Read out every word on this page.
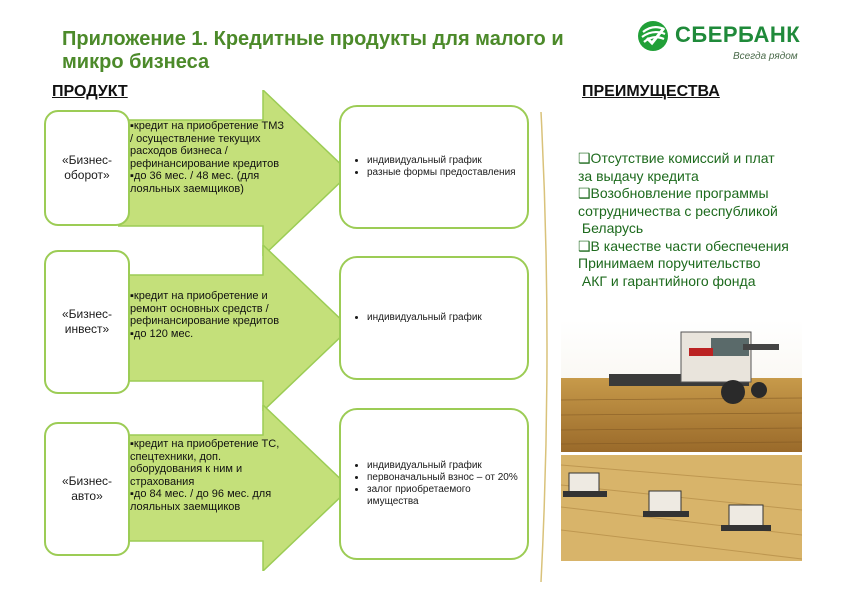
Приложение 1. Кредитные продукты для малого и
микро бизнеса
СБЕРБАНК
Всегда рядом
ПРОДУКТ	ПРЕИМУЩЕСТВА
«Бизнес-
оборот»
▪кредит на приобретение ТМЗ / осуществление текущих расходов бизнеса / рефинансирование кредитов
▪до 36 мес. / 48 мес. (для лояльных заемщиков)
• индивидуальный график
• разные формы предоставления
«Бизнес-
инвест»
▪кредит на приобретение и ремонт основных средств / рефинансирование кредитов
▪до 120 мес.
• индивидуальный график
«Бизнес-
авто»
▪кредит на приобретение ТС, спецтехники, доп. оборудования к ним и страхования
▪до 84 мес. / до 96 мес. для лояльных заемщиков
• индивидуальный график
• первоначальный взнос – от 20%
• залог приобретаемого имущества
❑Отсутствие комиссий и плат
за выдачу кредита
❑Возобновление программы
сотрудничества с республикой
Беларусь
❑В качестве части обеспечения
Принимаем поручительство
АКГ и гарантийного фонда
